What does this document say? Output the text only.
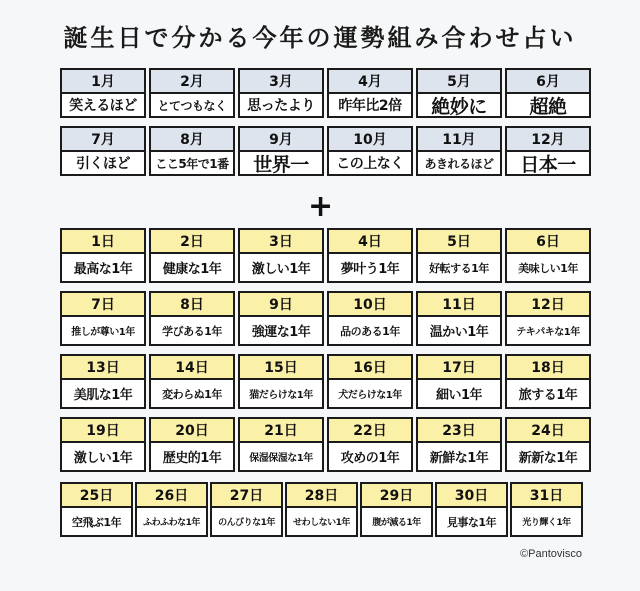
誕生日で分かる今年の運勢組み合わせ占い
1月
笑えるほど
2月
とてつもなく
3月
思ったより
4月
昨年比2倍
5月
絶妙に
6月
超絶
7月
引くほど
8月
ここ5年で1番
9月
世界一
10月
この上なく
11月
あきれるほど
12月
日本一
+
1日
最高な1年
2日
健康な1年
3日
激しい1年
4日
夢叶う1年
5日
好転する1年
6日
美味しい1年
7日
推しが尊い1年
8日
学びある1年
9日
強運な1年
10日
品のある1年
11日
温かい1年
12日
テキパキな1年
13日
美肌な1年
14日
変わらぬ1年
15日
猫だらけな1年
16日
犬だらけな1年
17日
細い1年
18日
旅する1年
19日
激しい1年
20日
歴史的1年
21日
保湿保湿な1年
22日
攻めの1年
23日
新鮮な1年
24日
新新な1年
25日
空飛ぶ1年
26日
ふわふわな1年
27日
のんびりな1年
28日
せわしない1年
29日
腹が減る1年
30日
見事な1年
31日
光り輝く1年
©Pantovisco
